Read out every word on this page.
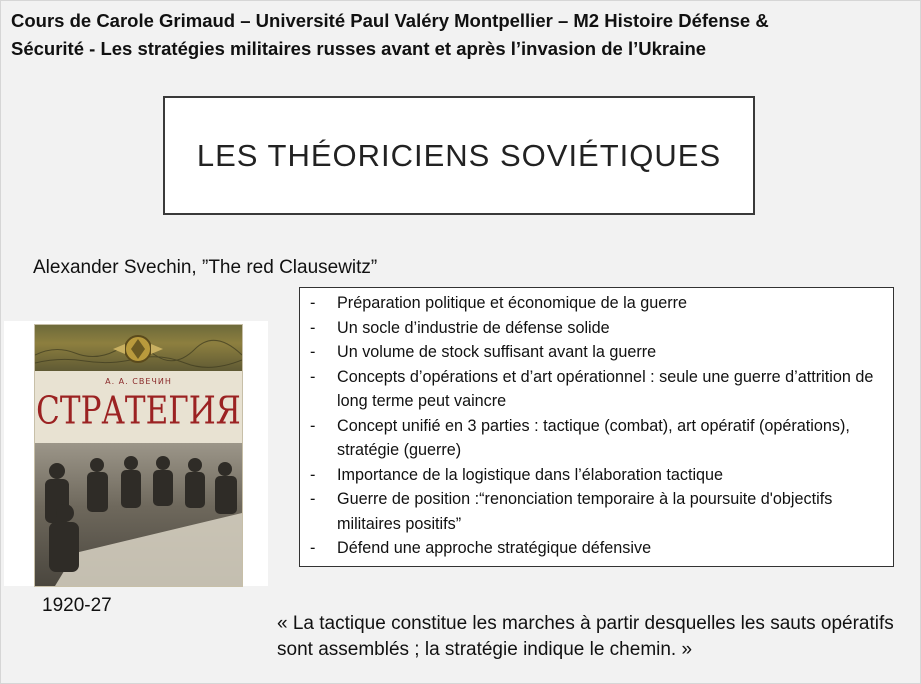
Cours de Carole Grimaud – Université Paul Valéry Montpellier – M2 Histoire Défense &
Sécurité - Les stratégies militaires russes avant et après l’invasion de l’Ukraine
LES THÉORICIENS SOVIÉTIQUES
Alexander Svechin, ”The red Clausewitz”
- Préparation politique et économique de la guerre
- Un socle d’industrie de défense solide
- Un volume de stock suffisant avant la guerre
- Concepts d’opérations et d’art opérationnel : seule une guerre d’attrition de long terme peut vaincre
- Concept unifié en 3 parties : tactique (combat), art opératif (opérations), stratégie (guerre)
- Importance de la logistique dans l’élaboration tactique
- Guerre de position :“renonciation temporaire à la poursuite d'objectifs militaires positifs”
- Défend une approche stratégique défensive
А. А. СВЕЧИН
СТРАТЕГИЯ
1920-27
« La tactique constitue les marches à partir desquelles les sauts opératifs sont assemblés ; la stratégie indique le chemin. »
